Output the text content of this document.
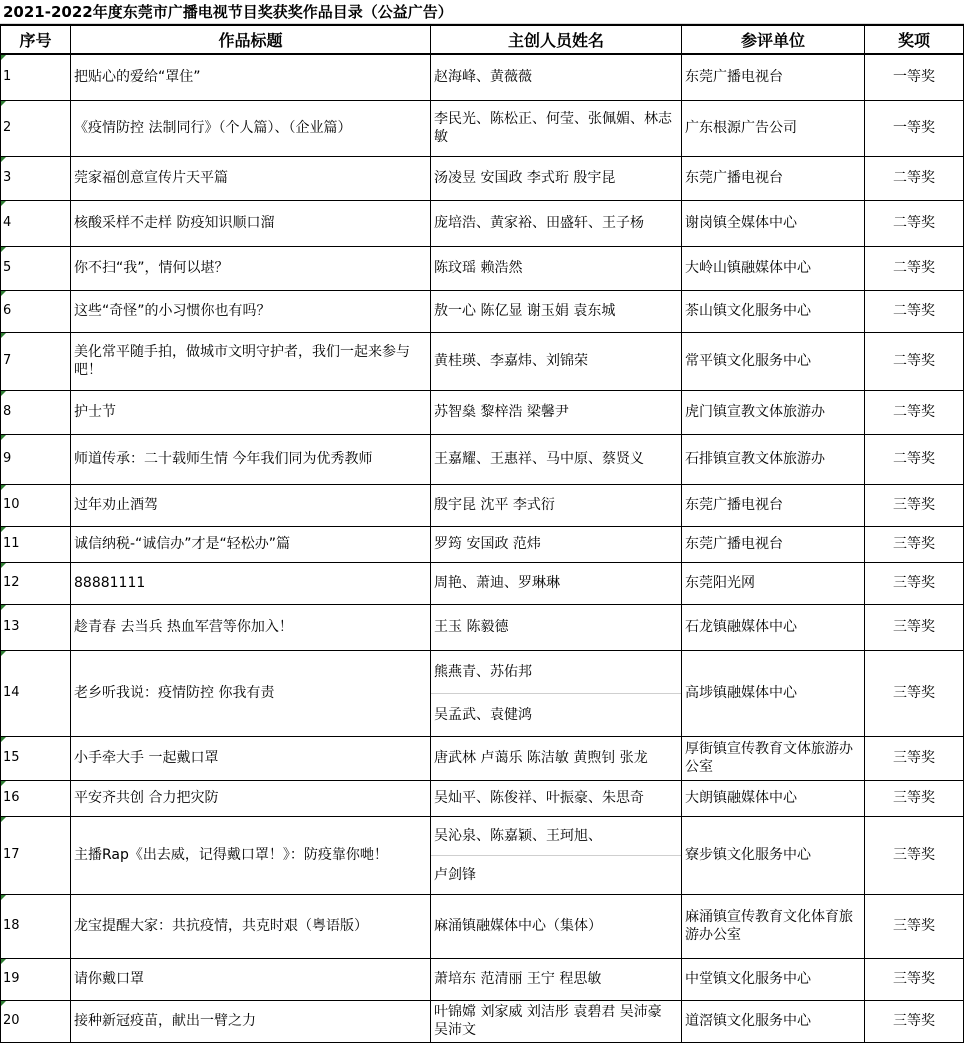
2021-2022年度东莞市广播电视节目奖获奖作品目录（公益广告）
序号	作品标题	主创人员姓名	参评单位	奖项
1	把贴心的爱给“罩住”	赵海峰、黄薇薇	东莞广播电视台	一等奖
2	《疫情防控 法制同行》（个人篇）、（企业篇）	李民光、陈松正、何莹、张佩媚、林志敏	广东根源广告公司	一等奖
3	莞家福创意宣传片天平篇	汤凌昱 安国政 李式珩 殷宇昆	东莞广播电视台	二等奖
4	核酸采样不走样 防疫知识顺口溜	庞培浩、黄家裕、田盛轩、王子杨	谢岗镇全媒体中心	二等奖
5	你不扫“我”，情何以堪？	陈玟瑶 赖浩然	大岭山镇融媒体中心	二等奖
6	这些“奇怪”的小习惯你也有吗？	敖一心 陈亿显 谢玉娟 袁东城	茶山镇文化服务中心	二等奖
7	美化常平随手拍，做城市文明守护者，我们一起来参与吧！	黄桂瑛、李嘉炜、刘锦荣	常平镇文化服务中心	二等奖
8	护士节	苏智燊 黎梓浩 梁馨尹	虎门镇宣教文体旅游办	二等奖
9	师道传承：二十载师生情 今年我们同为优秀教师	王嘉耀、王惠祥、马中原、蔡贤义	石排镇宣教文体旅游办	二等奖
10	过年劝止酒驾	殷宇昆 沈平 李式衍	东莞广播电视台	三等奖
11	诚信纳税-“诚信办”才是“轻松办”篇	罗筠 安国政 范炜	东莞广播电视台	三等奖
12	88881111	周艳、萧迪、罗琳琳	东莞阳光网	三等奖
13	趁青春 去当兵 热血军营等你加入！	王玉 陈毅德	石龙镇融媒体中心	三等奖
14	老乡听我说：疫情防控 你我有责	熊燕青、苏佑邦
吴孟武、袁健鸿	高埗镇融媒体中心	三等奖
15	小手牵大手 一起戴口罩	唐武林 卢蔼乐 陈洁敏 黄煦钊 张龙	厚街镇宣传教育文体旅游办公室	三等奖
16	平安齐共创 合力把灾防	吴灿平、陈俊祥、叶振豪、朱思奇	大朗镇融媒体中心	三等奖
17	主播Rap《出去威，记得戴口罩！》：防疫靠你哋！	吴沁泉、陈嘉颖、王珂旭、
卢剑锋	寮步镇文化服务中心	三等奖
18	龙宝提醒大家：共抗疫情，共克时艰（粤语版）	麻涌镇融媒体中心（集体）	麻涌镇宣传教育文化体育旅游办公室	三等奖
19	请你戴口罩	萧培东 范清丽 王宁 程思敏	中堂镇文化服务中心	三等奖
20	接种新冠疫苗，献出一臂之力	叶锦嫦 刘家威 刘洁彤 袁碧君 吴沛豪 吴沛文	道滘镇文化服务中心	三等奖
